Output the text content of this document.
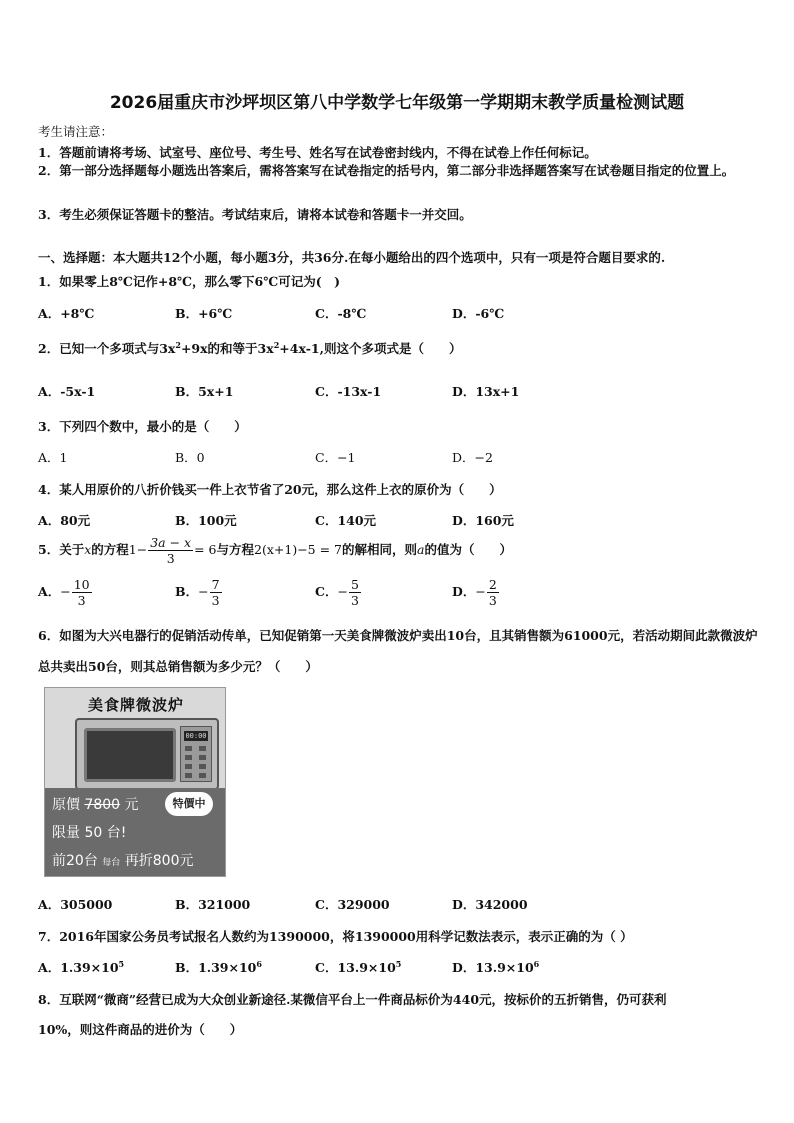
2026届重庆市沙坪坝区第八中学数学七年级第一学期期末教学质量检测试题
考生请注意：
1．答题前请将考场、试室号、座位号、考生号、姓名写在试卷密封线内，不得在试卷上作任何标记。
2．第一部分选择题每小题选出答案后，需将答案写在试卷指定的括号内，第二部分非选择题答案写在试卷题目指定的位置上。
3．考生必须保证答题卡的整洁。考试结束后，请将本试卷和答题卡一并交回。
一、选择题：本大题共12个小题，每小题3分，共36分.在每小题给出的四个选项中，只有一项是符合题目要求的.
1．如果零上8℃记作+8℃，那么零下6℃可记为(　)
A．+8℃	B．+6℃	C．-8℃	D．-6℃
2．已知一个多项式与$3x^2+9x$的和等于$3x^2+4x-1$,则这个多项式是（　　）
A．-5x-1	B．5x+1	C．-13x-1	D．13x+1
3．下列四个数中，最小的是（　　）
A．1	B．0	C．−1	D．−2
4．某人用原价的八折价钱买一件上衣节省了20元，那么这件上衣的原价为（　　）
A．80元	B．100元	C．140元	D．160元
5．关于x的方程$1- \frac{3a - x}{3} = 6$与方程2(x+1)−5 = 7的解相同，则a的值为（　　）
A．− $\frac{10}{3}$	B．− $\frac{7}{3}$	C．− $\frac{5}{3}$	D．− $\frac{2}{3}$
6．如图为大兴电器行的促销活动传单，已知促销第一天美食牌微波炉卖出10台，且其销售额为61000元，若活动期间此款微波炉总共卖出50台，则其总销售额为多少元？（　　）
美食牌微波炉
00:00
原價 7800 元	特價中
限量 50 台!
前20台 每台 再折800元
A．305000	B．321000	C．329000	D．342000
7．2016年国家公务员考试报名人数约为1390000，将1390000用科学记数法表示，表示正确的为（ ）
A．$1.39\times 10^5$	B．$1.39\times 10^6$	C．$13.9\times 10^5$	D．$13.9\times 10^6$
8．互联网“微商”经营已成为大众创业新途径.某微信平台上一件商品标价为440元，按标价的五折销售，仍可获利
10%，则这件商品的进价为（　　）
